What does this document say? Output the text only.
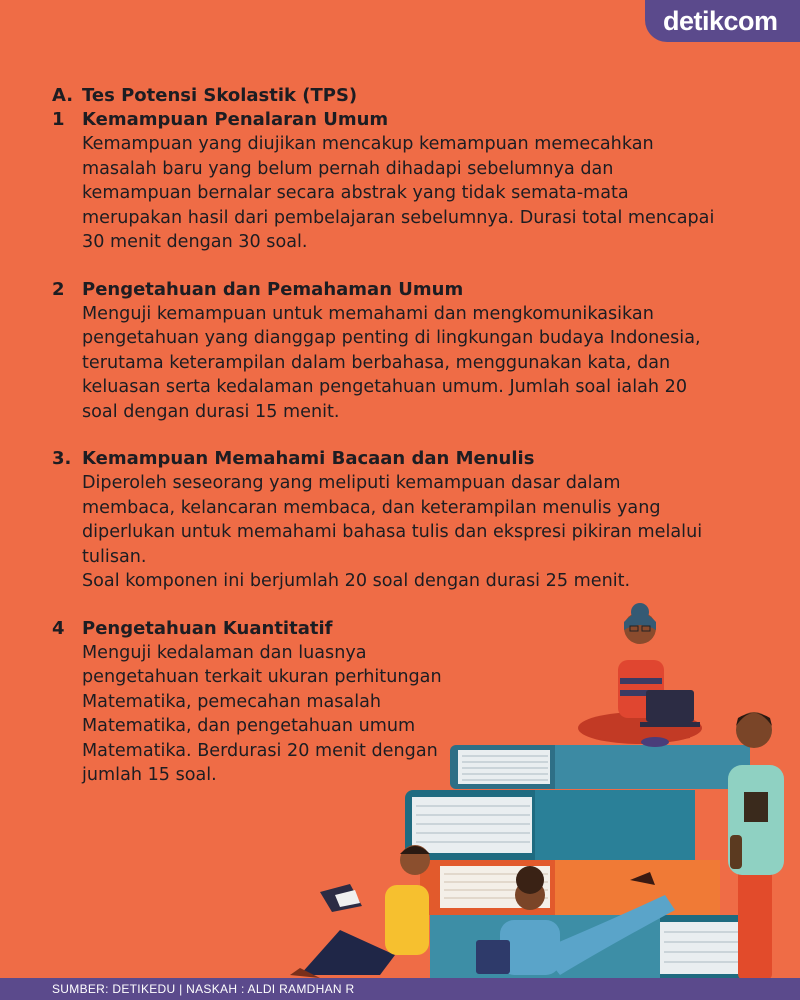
detikcom
A. Tes Potensi Skolastik (TPS)
1 Kemampuan Penalaran Umum

Kemampuan yang diujikan mencakup kemampuan memecahkan

masalah baru yang belum pernah dihadapi sebelumnya dan

kemampuan bernalar secara abstrak yang tidak semata-mata

merupakan hasil dari pembelajaran sebelumnya. Durasi total mencapai

30 menit dengan 30 soal.

2 Pengetahuan dan Pemahaman Umum

Menguji kemampuan untuk memahami dan mengkomunikasikan

pengetahuan yang dianggap penting di lingkungan budaya Indonesia,

terutama keterampilan dalam berbahasa, menggunakan kata, dan

keluasan serta kedalaman pengetahuan umum. Jumlah soal ialah 20

soal dengan durasi 15 menit.

3. Kemampuan Memahami Bacaan dan Menulis

Diperoleh seseorang yang meliputi kemampuan dasar dalam

membaca, kelancaran membaca, dan keterampilan menulis yang

diperlukan untuk memahami bahasa tulis dan ekspresi pikiran melalui

tulisan.

Soal komponen ini berjumlah 20 soal dengan durasi 25 menit.

4 Pengetahuan Kuantitatif

Menguji kedalaman dan luasnya

pengetahuan terkait ukuran perhitungan

Matematika, pemecahan masalah

Matematika, dan pengetahuan umum

Matematika. Berdurasi 20 menit dengan

jumlah 15 soal.

SUMBER: DETIKEDU | NASKAH : ALDI RAMDHAN R
